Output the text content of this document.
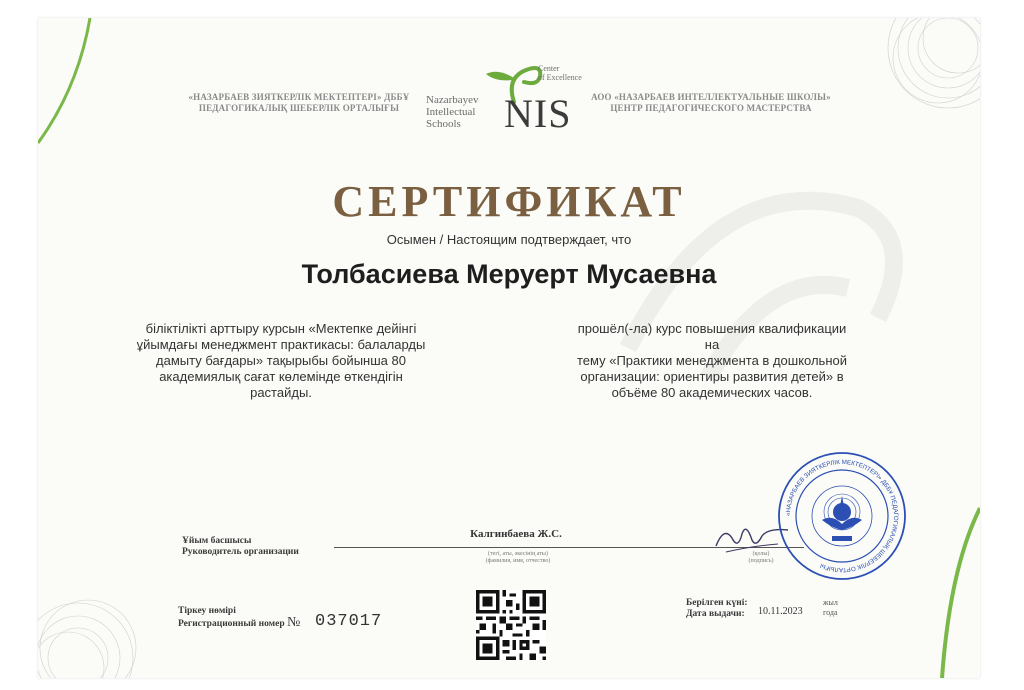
«НАЗАРБАЕВ ЗИЯТКЕРЛІК МЕКТЕПТЕРІ» ДББҰ
ПЕДАГОГИКАЛЫҚ ШЕБЕРЛІК ОРТАЛЫҒЫ
АОО «НАЗАРБАЕВ ИНТЕЛЛЕКТУАЛЬНЫЕ ШКОЛЫ»
ЦЕНТР ПЕДАГОГИЧЕСКОГО МАСТЕРСТВА
Nazarbayev
Intellectual
Schools	NIS
Center
of Excellence
СЕРТИФИКАТ
Осымен / Настоящим подтверждает, что
Толбасиева Меруерт Мусаевна
біліктілікті арттыру курсын «Мектепке дейінгі
ұйымдағы менеджмент практикасы: балаларды
дамыту бағдары» тақырыбы бойынша 80
академиялық сағат көлемінде өткендігін
растайды.
прошёл(-ла) курс повышения квалификации на
тему «Практики менеджмента в дошкольной
организации: ориентиры развития детей» в
объёме 80 академических часов.
Ұйым басшысы
Руководитель организации
Калгинбаева Ж.С.
(тегі, аты, әкесінің аты)
(фамилия, имя, отчество)
(қолы)
(подпись)
«НАЗАРБАЕВ ЗИЯТКЕРЛІК МЕКТЕПТЕРІ» ДББҰ ПЕДАГОГИКАЛЫҚ ШЕБЕРЛІК ОРТАЛЫҒЫ
Тіркеу нөмірі
Регистрационный номер № 037017
Берілген күні:
Дата выдачи: 10.11.2023
жыл
года
